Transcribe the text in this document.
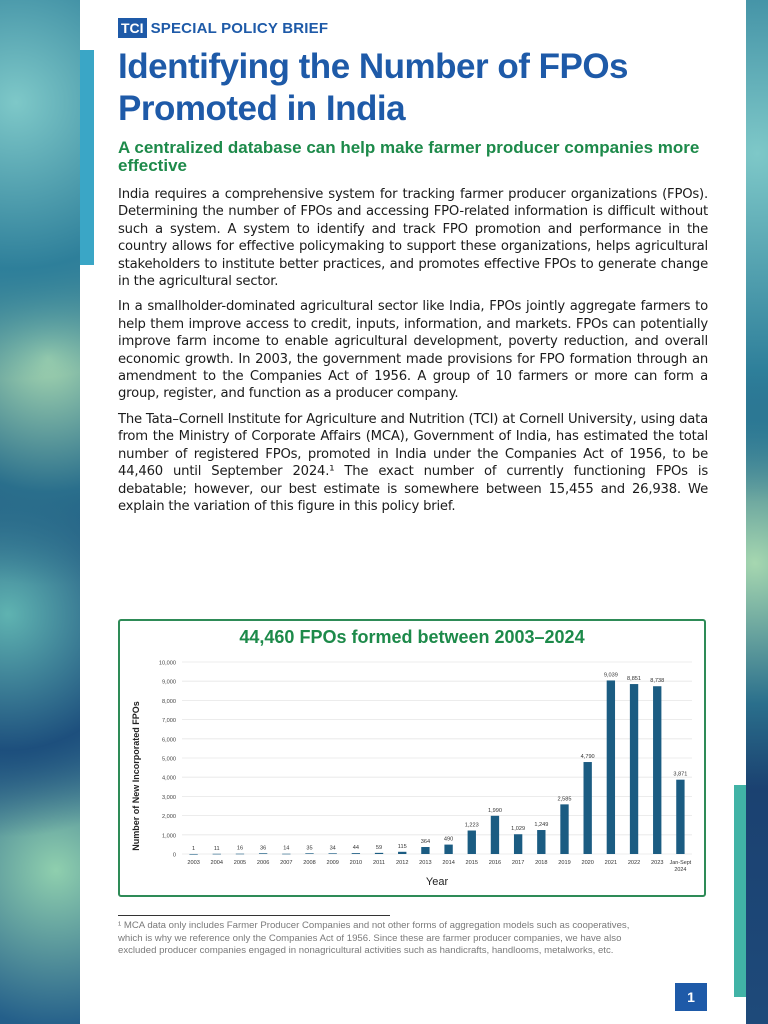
TCI SPECIAL POLICY BRIEF
Identifying the Number of FPOs Promoted in India
A centralized database can help make farmer producer companies more effective

India requires a comprehensive system for tracking farmer producer organizations (FPOs). Determining the number of FPOs and accessing FPO-related information is difficult without such a system. A system to identify and track FPO promotion and performance in the country allows for effective policymaking to support these organizations, helps agricultural stakeholders to institute better practices, and promotes effective FPOs to generate change in the agricultural sector.

In a smallholder-dominated agricultural sector like India, FPOs jointly aggregate farmers to help them improve access to credit, inputs, information, and markets. FPOs can potentially improve farm income to enable agricultural development, poverty reduction, and overall economic growth. In 2003, the government made provisions for FPO formation through an amendment to the Companies Act of 1956. A group of 10 farmers or more can form a group, register, and function as a producer company.

The Tata–Cornell Institute for Agriculture and Nutrition (TCI) at Cornell University, using data from the Ministry of Corporate Affairs (MCA), Government of India, has estimated the total number of registered FPOs, promoted in India under the Companies Act of 1956, to be 44,460 until September 2024.¹ The exact number of currently functioning FPOs is debatable; however, our best estimate is somewhere between 15,455 and 26,938. We explain the variation of this figure in this policy brief.

44,460 FPOs formed between 2003–2024
0
1,000
2,000
3,000
4,000
5,000
6,000
7,000
8,000
9,000
10,000
1
2003
11
2004
16
2005
36
2006
14
2007
35
2008
34
2009
44
2010
59
2011
115
2012
364
2013
490
2014
1,223
2015
1,990
2016
1,029
2017
1,249
2018
2,585
2019
4,790
2020
9,039
2021
8,851
2022
8,738
2023
3,871
Jan-Sept
2024
Year
Number of New Incorporated FPOs
¹ MCA data only includes Farmer Producer Companies and not other forms of aggregation models such as cooperatives, which is why we reference only the Companies Act of 1956. Since these are farmer producer companies, we have also excluded producer companies engaged in nonagricultural activities such as handicrafts, handlooms, metalworks, etc.
1
